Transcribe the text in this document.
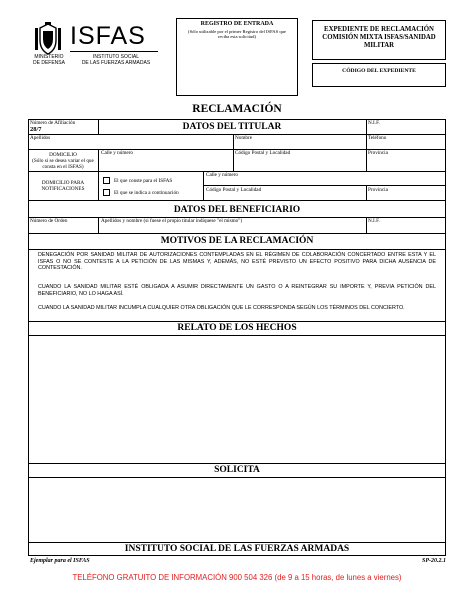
ISFAS
MINISTERIO
DE DEFENSA
INSTITUTO SOCIAL
DE LAS FUERZAS ARMADAS
REGISTRO DE ENTRADA
(Sólo utilizable por el primer Registro del ISFAS que reciba esta solicitud)
EXPEDIENTE DE RECLAMACIÓN COMISIÓN MIXTA ISFAS/SANIDAD MILITAR
CÓDIGO DEL EXPEDIENTE
RECLAMACIÓN
Número de Afiliación
28/7	DATOS DEL TITULAR	N.I.F.
Apellidos	Nombre	Teléfono
DOMICILIO
(Sólo si se desea variar el que consta en el ISFAS)
Calle y número	Código Postal y Localidad	Provincia
DOMICILIO PARA NOTIFICACIONES
El que conste para el ISFAS
El que se indica a continuación
Calle y número
Código Postal y Localidad	Provincia
DATOS DEL BENEFICIARIO
Número de Orden	Apellidos y nombre (si fuese el propio titular indíquese "el mismo")	N.I.F.
MOTIVOS DE LA RECLAMACIÓN
DENEGACIÓN POR SANIDAD MILITAR DE AUTORIZACIONES CONTEMPLADAS EN EL RÉGIMEN DE COLABORACIÓN CONCERTADO ENTRE ESTA Y EL ISFAS O NO SE CONTESTE A LA PETICIÓN DE LAS MISMAS Y, ADEMÁS, NO ESTÉ PREVISTO UN EFECTO POSITIVO PARA DICHA AUSENCIA DE CONTESTACIÓN.
CUANDO LA SANIDAD MILITAR ESTÉ OBLIGADA A ASUMIR DIRECTAMENTE UN GASTO O A REINTEGRAR SU IMPORTE Y, PREVIA PETICIÓN DEL BENEFICIARIO, NO LO HAGA ASÍ.
CUANDO LA SANIDAD MILITAR INCUMPLA CUALQUIER OTRA OBLIGACIÓN QUE LE CORRESPONDA SEGÚN LOS TÉRMINOS DEL CONCIERTO.
RELATO DE LOS HECHOS
SOLICITA
INSTITUTO SOCIAL DE LAS FUERZAS ARMADAS
Ejemplar para el ISFAS	SP-20.2.1
TELÉFONO GRATUITO DE INFORMACIÓN 900 504 326 (de 9 a 15 horas, de lunes a viernes)
